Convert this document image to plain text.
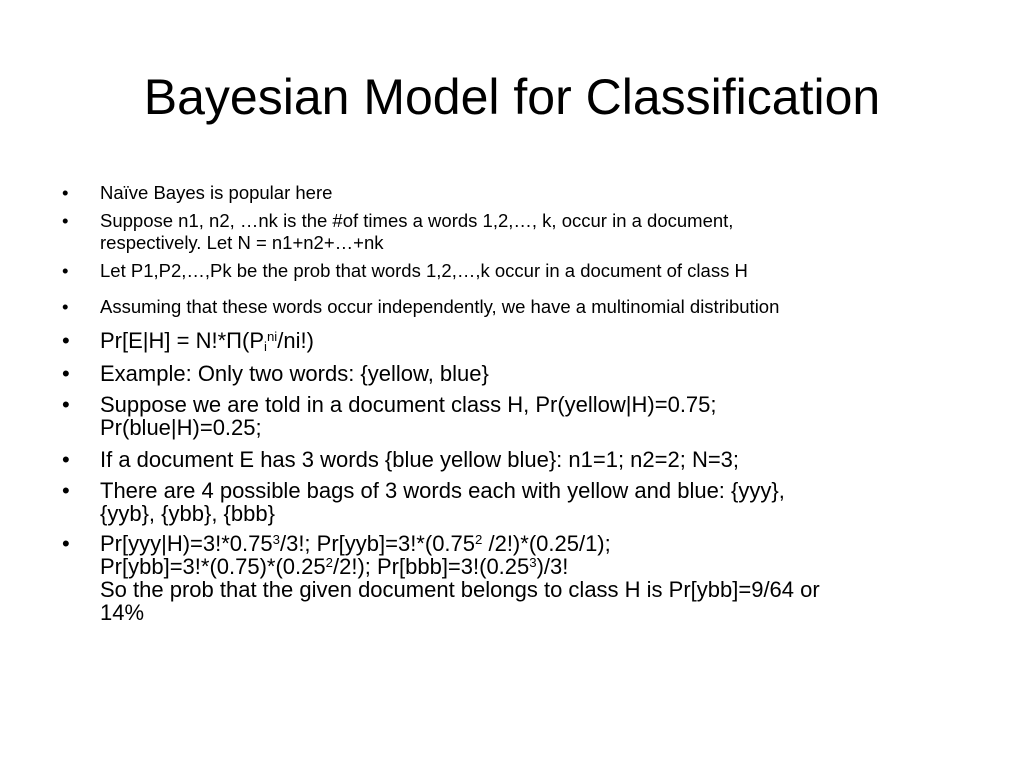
Bayesian Model for Classification
•	Naïve Bayes is popular here
•	Suppose n1, n2, …nk is the #of times a words 1,2,…, k, occur in a document,
respectively. Let N = n1+n2+…+nk
•	Let P1,P2,…,Pk be the prob that words 1,2,…,k occur in a document of class H
•	Assuming that these words occur independently, we have a multinomial distribution
•	$Pr[E|H] = N!*\Pi(P_i^{ni}/ni!)$
•	Example: Only two words: {yellow, blue}
•	Suppose we are told in a document class H, Pr(yellow|H)=0.75;
Pr(blue|H)=0.25;
•	If a document E has 3 words {blue yellow blue}: n1=1; n2=2; N=3;
•	There are 4 possible bags of 3 words each with yellow and blue: {yyy},
{yyb}, {ybb}, {bbb}
•	$Pr[yyy|H)=3!*0.75^3/3$!; $Pr[yyb]=3!*(0.75^2$ /2!)*(0.25/1);
$Pr[ybb]=3!*(0.75)*(0.25^2/2!)$; $Pr[bbb]=3!(0.25^3)/3$!
So the prob that the given document belongs to class H is Pr[ybb]=9/64 or
14%
